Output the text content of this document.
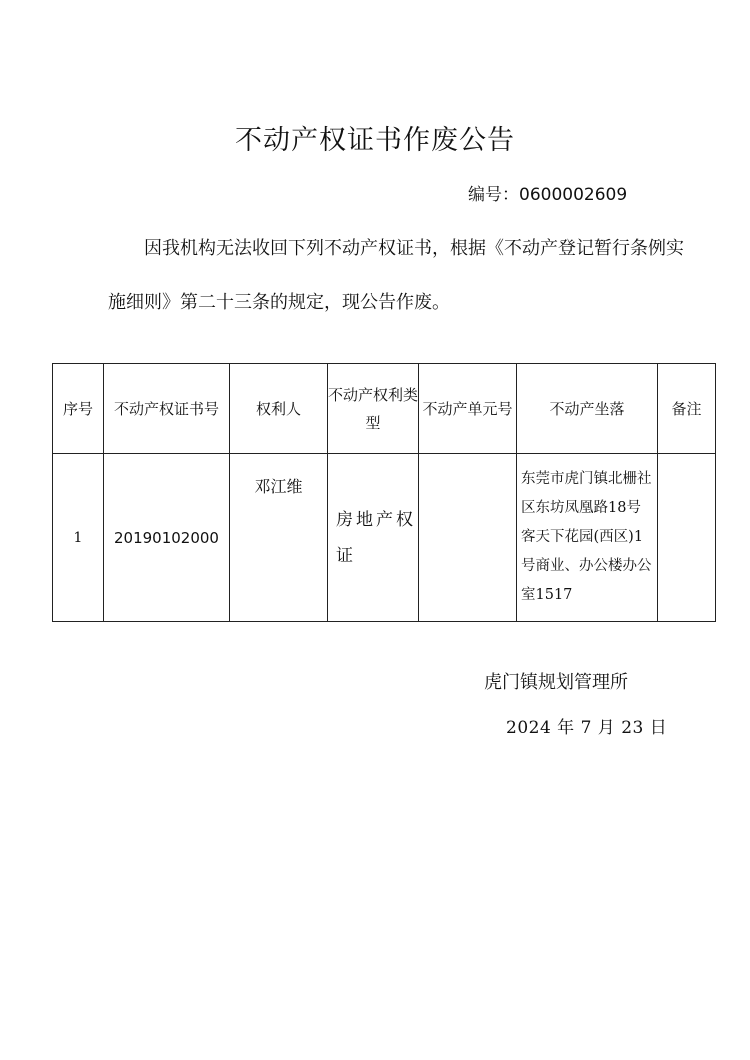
不动产权证书作废公告
编号：0600002609
因我机构无法收回下列不动产权证书，根据《不动产登记暂行条例实施细则》第二十三条的规定，现公告作废。
序号	不动产权证书号	权利人	不动产权利类型	不动产单元号	不动产坐落	备注
1	20190102000	邓江维	房地产权证		东莞市虎门镇北栅社区东坊凤凰路18号客天下花园(西区)1号商业、办公楼办公室1517	
虎门镇规划管理所
2024 年 7 月 23 日
